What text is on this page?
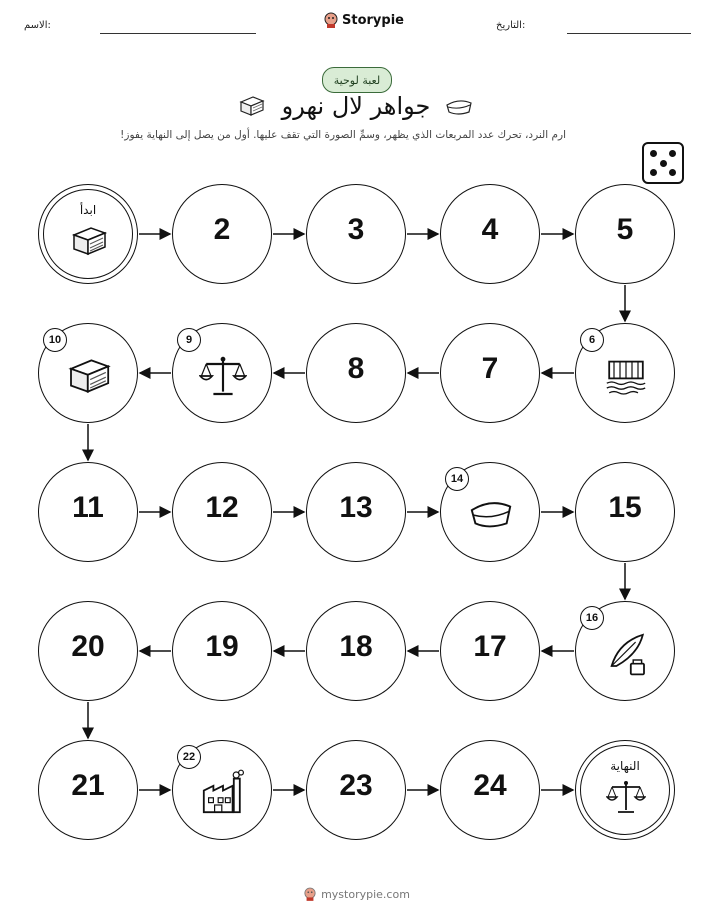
الاسم:	Storypie	التاريخ:
لعبة لوحية
جواهر لال نهرو
ارم النرد، تحرك عدد المربعات الذي يظهر، وسمِّ الصورة التي تقف عليها. أول من يصل إلى النهاية يفوز!
ابدأ
2	3	4	5
6
7
8
9
10
11	12	13
14
15
16
17
18
19
20
21
22
23	24
النهاية
mystorypie.com
